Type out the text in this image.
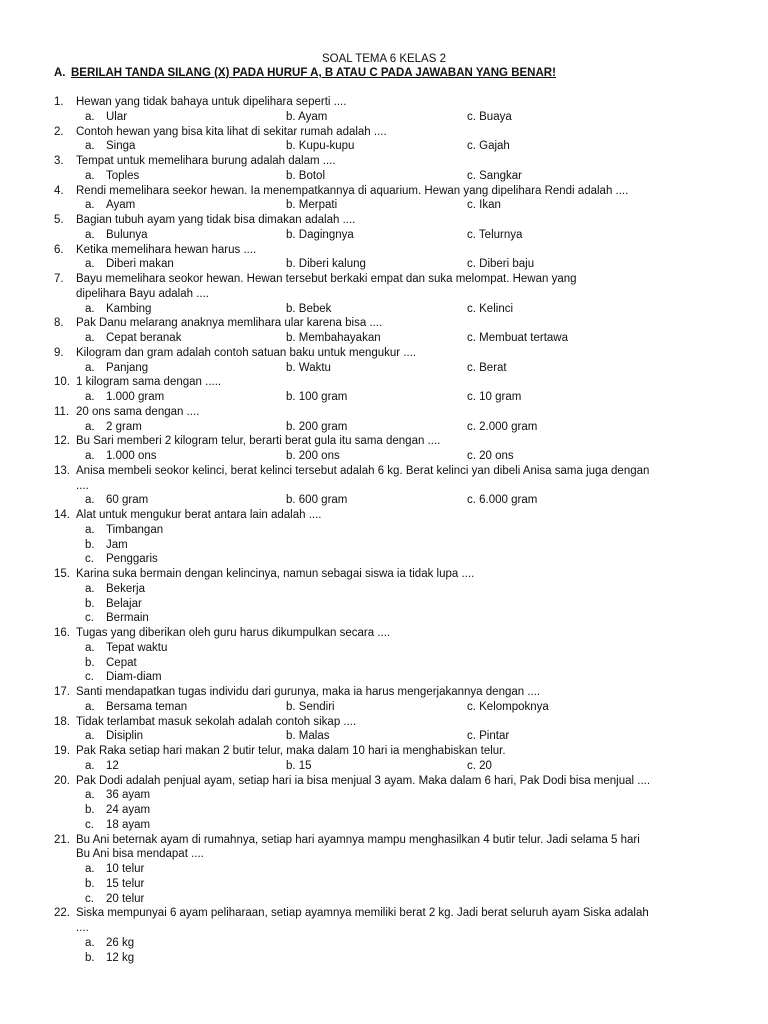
SOAL TEMA 6 KELAS 2
A. BERILAH TANDA SILANG (X) PADA HURUF A, B ATAU C PADA JAWABAN YANG BENAR!
1. Hewan yang tidak bahaya untuk dipelihara seperti ....
a. Ular	b. Ayam	c. Buaya
2. Contoh hewan yang bisa kita lihat di sekitar rumah adalah ....
a. Singa	b. Kupu-kupu	c. Gajah
3. Tempat untuk memelihara burung adalah dalam ....
a. Toples	b. Botol	c. Sangkar
4. Rendi memelihara seekor hewan. Ia menempatkannya di aquarium. Hewan yang dipelihara Rendi adalah ....
a. Ayam	b. Merpati	c. Ikan
5. Bagian tubuh ayam yang tidak bisa dimakan adalah ....
a. Bulunya	b. Dagingnya	c. Telurnya
6. Ketika memelihara hewan harus ....
a. Diberi makan	b. Diberi kalung	c. Diberi baju
7. Bayu memelihara seokor hewan. Hewan tersebut berkaki empat dan suka melompat. Hewan yang
dipelihara Bayu adalah ....
a. Kambing	b. Bebek	c. Kelinci
8. Pak Danu melarang anaknya memlihara ular karena bisa ....
a. Cepat beranak	b. Membahayakan	c. Membuat tertawa
9. Kilogram dan gram adalah contoh satuan baku untuk mengukur ....
a. Panjang	b. Waktu	c. Berat
10. 1 kilogram sama dengan .....
a. 1.000 gram	b. 100 gram	c. 10 gram
11. 20 ons sama dengan ....
a. 2 gram	b. 200 gram	c. 2.000 gram
12. Bu Sari memberi 2 kilogram telur, berarti berat gula itu sama dengan ....
a. 1.000 ons	b. 200 ons	c. 20 ons
13. Anisa membeli seokor kelinci, berat kelinci tersebut adalah 6 kg. Berat kelinci yan dibeli Anisa sama juga dengan
....
a. 60 gram	b. 600 gram	c. 6.000 gram
14. Alat untuk mengukur berat antara lain adalah ....
a. Timbangan
b. Jam
c. Penggaris
15. Karina suka bermain dengan kelincinya, namun sebagai siswa ia tidak lupa ....
a. Bekerja
b. Belajar
c. Bermain
16. Tugas yang diberikan oleh guru harus dikumpulkan secara ....
a. Tepat waktu
b. Cepat
c. Diam-diam
17. Santi mendapatkan tugas individu dari gurunya, maka ia harus mengerjakannya dengan ....
a. Bersama teman	b. Sendiri	c. Kelompoknya
18. Tidak terlambat masuk sekolah adalah contoh sikap ....
a. Disiplin	b. Malas	c. Pintar
19. Pak Raka setiap hari makan 2 butir telur, maka dalam 10 hari ia menghabiskan telur.
a. 12	b. 15	c. 20
20. Pak Dodi adalah penjual ayam, setiap hari ia bisa menjual 3 ayam. Maka dalam 6 hari, Pak Dodi bisa menjual ....
a. 36 ayam
b. 24 ayam
c. 18 ayam
21. Bu Ani beternak ayam di rumahnya, setiap hari ayamnya mampu menghasilkan 4 butir telur. Jadi selama 5 hari
Bu Ani bisa mendapat ....
a. 10 telur
b. 15 telur
c. 20 telur
22. Siska mempunyai 6 ayam peliharaan, setiap ayamnya memiliki berat 2 kg. Jadi berat seluruh ayam Siska adalah
....
a. 26 kg
b. 12 kg
